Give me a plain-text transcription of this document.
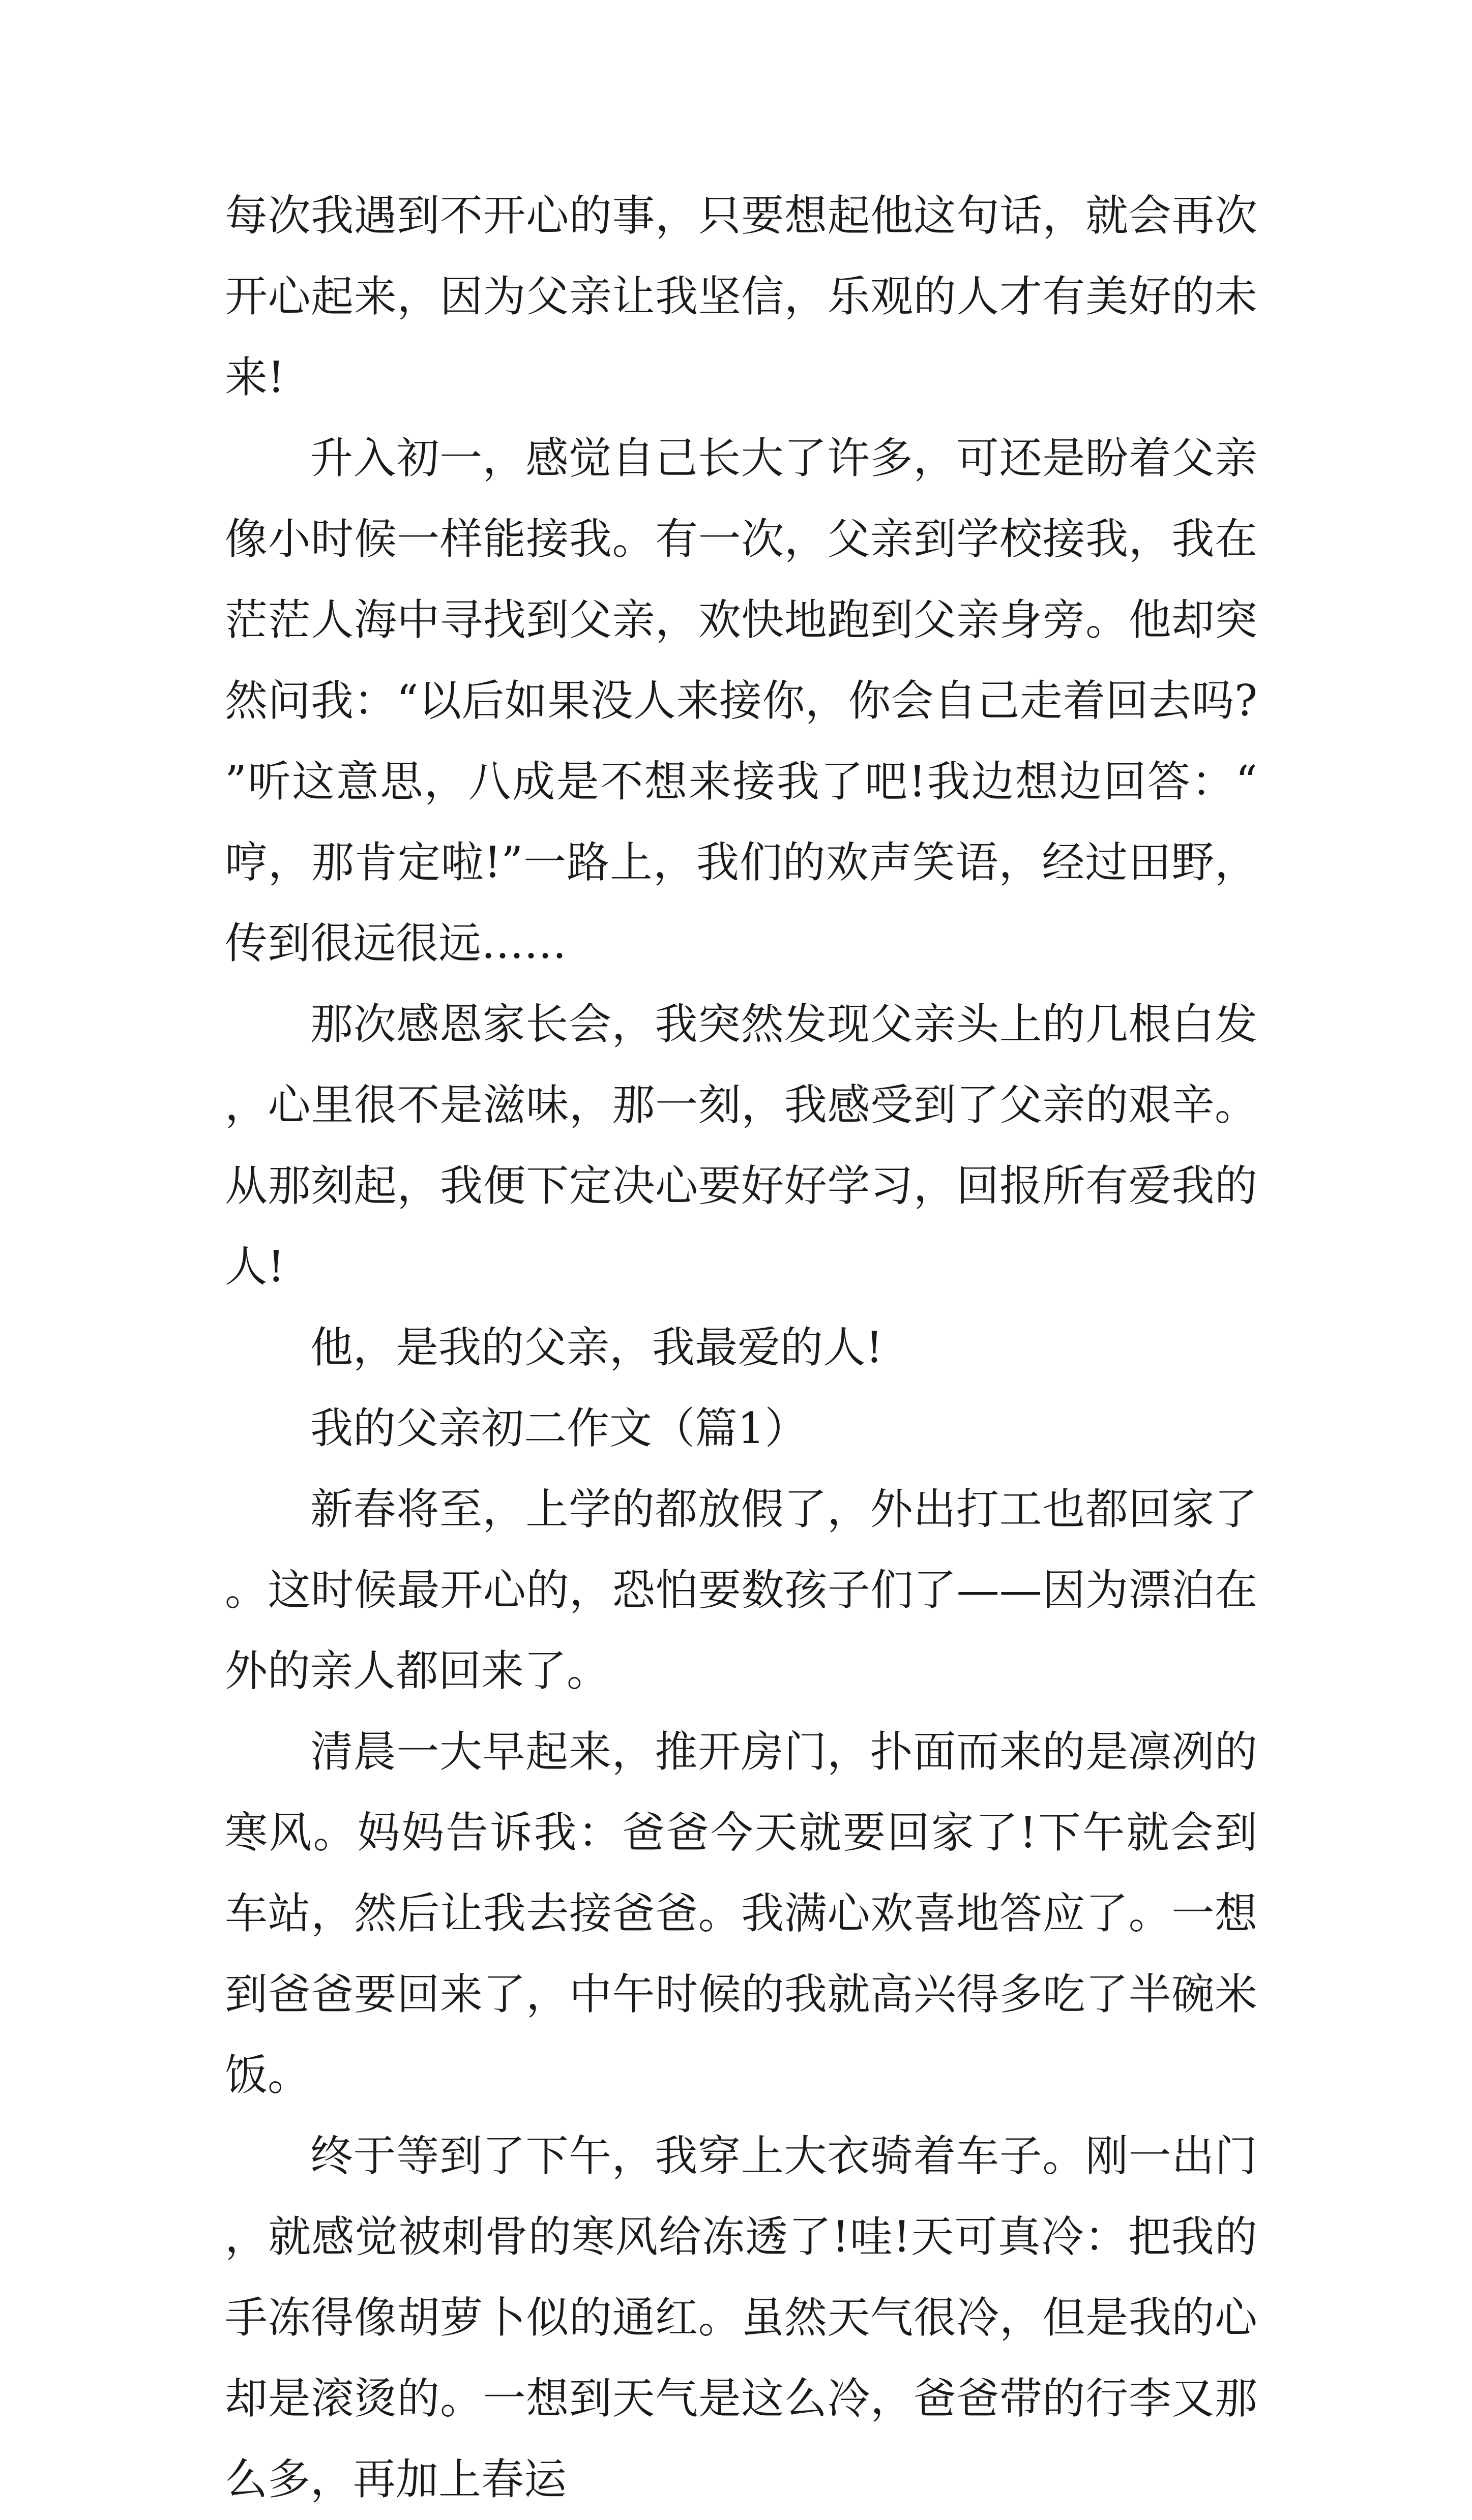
每次我遇到不开心的事，只要想起他这句话，就会再次开心起来，因为父亲让我坚信，乐观的人才有美好的未来!

升入初一，感觉自己长大了许多，可还是盼着父亲像小时候一样能接我。有一次，父亲到学校接我，我在茫茫人海中寻找到父亲，欢快地跑到父亲身旁。他却突然问我：“以后如果没人来接你，你会自己走着回去吗?”听这意思，八成是不想来接我了吧!我边想边回答：“哼，那肯定啦!”一路上，我们的欢声笑语，经过田野，传到很远很远……

那次感恩家长会，我突然发现父亲头上的几根白发，心里很不是滋味，那一刻，我感受到了父亲的艰辛。从那刻起，我便下定决心要好好学习，回报所有爱我的人!

他，是我的父亲，我最爱的人!

我的父亲初二作文（篇1）

新春将至，上学的都放假了，外出打工也都回家了。这时候最开心的，恐怕要数孩子们了——因为漂泊在外的亲人都回来了。

清晨一大早起来，推开房门，扑面而来的是凛冽的寒风。妈妈告诉我：爸爸今天就要回家了!下午就会到车站，然后让我去接爸爸。我满心欢喜地答应了。一想到爸爸要回来了，中午时候的我就高兴得多吃了半碗米饭。

终于等到了下午，我穿上大衣骑着车子。刚一出门，就感觉被刺骨的寒风给冻透了!哇!天可真冷：把我的手冻得像胡萝卜似的通红。虽然天气很冷，但是我的心却是滚烫的。一想到天气是这么冷，爸爸带的行李又那么多，再加上春运
